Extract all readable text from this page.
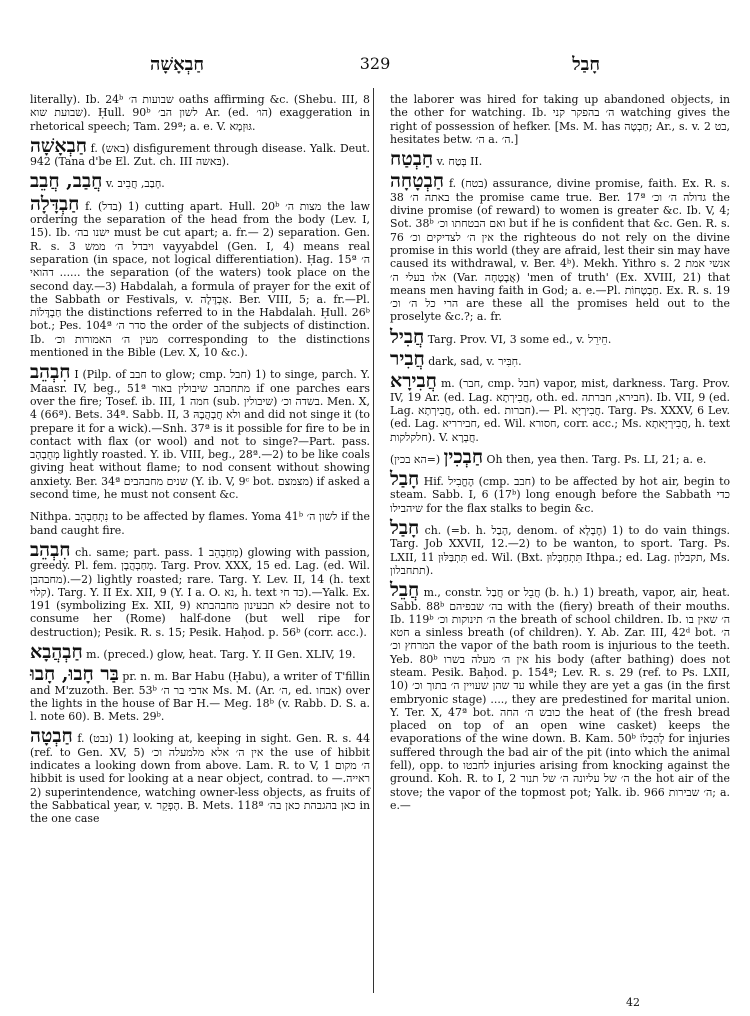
חַבְאָשָׁה	329	חָבַל

literally). Ib. 24ᵇ שבועות ה׳ oaths affirming &c. (Shebu. III, 8 שבועת שוא). Ḥull. 90ᵇ לשון הב׳ Ar. (ed. הו׳) exaggeration in rhetorical speech; Tam. 29ª; a. e. V. גּוּזְמָא.

חַבְאָשָׁה f. (באש) disfigurement through disease. Yalk. Deut. 942 (Tana d'be El. Zut. ch. III בּאשה).

חֲבַב, חֲבֵב v. חָבַב, חֲבִיב.

חַבְדָּלָה f. (בדל) 1) cutting apart. Hull. 20ᵇ מצות ה׳ the law ordering the separation of the head from the body (Lev. I, 15). Ib. ישנו בה׳ must be cut apart; a. fr.— 2) separation. Gen. R. s. 3 ויבדל ה׳ ממש vayyabdel (Gen. I, 4) means real separation (in space, not logical differentiation). Ḥag. 15ª ה׳ ...... דהואי the separation (of the waters) took place on the second day.—3) Habdalah, a formula of prayer for the exit of the Sabbath or Festivals, v. אַבְדָּלָה. Ber. VIII, 5; a. fr.—Pl. חַבְדָּלוֹת the distinctions referred to in the Habdalah. Ḥull. 26ᵇ bot.; Pes. 104ª סדר ה׳ the order of the subjects of distinction. Ib. מעין ה׳ האמורות וכ׳ corresponding to the distinctions mentioned in the Bible (Lev. X, 10 &c.).

חִבְהֵב I (Pilp. of חבב to glow; cmp. חבל) 1) to singe, parch. Y. Maasr. IV, beg., 51ª מתחבהב שיבולין באור if one parches ears over the fire; Tosef. ib. III, 1 חמה (sub. שיבולין) בשדה וכ׳. Men. X, 4 (66ª). Bets. 34ª. Sabb. II, 3 ולא חֲבְהֲבָהּ and did not singe it (to prepare it for a wick).—Snh. 37ª is it possible for fire to be in contact with flax (or wool) and not to singe?—Part. pass. מְחֻבְהָב lightly roasted. Y. ib. VIII, beg., 28ª.—2) to be like coals giving heat without flame; to nod consent without showing anxiety. Ber. 34ª שנים מחבהבים (Y. ib. V, 9ᶜ bot. מצמצם) if asked a second time, he must not consent &c.

Nithpa. נִתְחַבְהֵב to be affected by flames. Yoma 41ᵇ לשון ה׳ if the band caught fire.

חִבְהֵב ch. same; part. pass. מְחַבְהֵב 1) glowing with passion, greedy. Pl. fem. מְחַבְהֲבָן. Targ. Prov. XXX, 15 ed. Lag. (ed. Wil. מחבהבן).—2) lightly roasted; rare. Targ. Y. Lev. II, 14 (h. text קלוי). Targ. Y. II Ex. XII, 9 (Y. I a. O. נא, h. text כד חי).—Yalk. Ex. 191 (symbolizing Ex. XII, 9) לא תבעינון מחבהבתא desire not to consume her (Rome) half-done (but well ripe for destruction); Pesik. R. s. 15; Pesik. Haḥod. p. 56ᵇ (corr. acc.).

חַבְהֲבָא m. (preced.) glow, heat. Targ. Y. II Gen. XLIV, 19.

בַּר חָבוּ, חָבוּ pr. n. m. Bar Habu (Ḥabu), a writer of T'fillin and M'zuzoth. Ber. 53ᵇ אדבי בר ה׳ Ms. M. (Ar. ה׳, ed. אבחו) over the lights in the house of Bar H.— Meg. 18ᵇ (v. Rabb. D. S. a. l. note 60). B. Mets. 29ᵇ.

חַבְטָה f. (נבט) 1) looking at, keeping in sight. Gen. R. s. 44 (ref. to Gen. XV, 5) אין ה׳ אלא מלמעלה וכ׳ the use of hibbit indicates a looking down from above. Lam. R. to V, 1 ה׳ מקום hibbit is used for looking at a near object, contrad. to ראייה.—2) superintendence, watching owner-less objects, as fruits of the Sabbatical year, v. הֶפְקֵר. B. Mets. 118ª כאן בהגבהת כאן בה׳ in the one case

the laborer was hired for taking up abandoned objects, in the other for watching. Ib. ה׳ בהפקר קני watching gives the right of possession of hefker. [Ms. M. has חַבְטָה; Ar., s. v. בט 2, hesitates betw. ה׳ a. ה׳.]

חַבְטַח v. בְּטַח II.

חַבְטָחָה f. (בטח) assurance, divine promise, faith. Ex. R. s. 38 באתה ה׳ the promise came true. Ber. 17ª גדולה ה׳ וכ׳ the divine promise (of reward) to women is greater &c. Ib. V, 4; Sot. 38ᵇ ואם הבטחתו וכ׳ but if he is confident that &c. Gen. R. s. 76 אין ה׳ לצדיקים וכ׳ the righteous do not rely on the divine promise in this world (they are afraid, lest their sin may have caused its withdrawal, v. Ber. 4ᵇ). Mekh. Yithro s. 2 אנשי אמת אלו בעלי ה׳ (Var. אֲבָטָחָה) 'men of truth' (Ex. XVIII, 21) that means men having faith in God; a. e.—Pl. חַבְטָחוֹת. Ex. R. s. 19 הרי כל ה׳ וכ׳ are these all the promises held out to the proselyte &c.?; a. fr.

חֲבִיל Targ. Prov. VI, 3 some ed., v. חֵירֵל.

חֲבִיר dark, sad, v. חִבִּיר.

חֲבִירָא m. (חבר, cmp. חבל) vapor, mist, darkness. Targ. Prov. IV, 19 Ar. (ed. Lag. חֲבִירְתָא, oth. ed. חבירא, חברתה). Ib. VII, 9 (ed. Lag. חֲבִירְתָא, oth. ed. חברות).— Pl. חֲבִירְיָא. Targ. Ps. XXXV, 6 Lev. (ed. Lag. חבירריא, ed. Wil. חסורא, corr. acc.; Ms. חֲבִירְיָאתָא, h. text חלקלקות). V. חֲבְרָא.

חַבְכִין (=הא בכין) Oh then, yea then. Targ. Ps. LI, 21; a. e.

חָבַל Hif. הֶחֱבִיל (cmp. חבב) to be affected by hot air, begin to steam. Sabb. I, 6 (17ᵇ) long enough before the Sabbath כדי שיהבילו for the flax stalks to begin &c.

חָבַל ch. (=b. h. הָבַל, denom. of חֶבְלָא) 1) to do vain things. Targ. Job XXVII, 12.—2) to be wanton, to sport. Targ. Ps. LXII, 11 תִּתְבַּלּוּן ed. Wil. (Bxt. תִּתְחַבְּלוּן Ithpa.; ed. Lag. תקבלון, Ms. תתחבלון).

חֲבֵל m., constr. חֲבַל or חֲבֵל (b. h.) 1) breath, vapor, air, heat. Sabb. 88ᵇ בה׳ שבפיהם with the (fiery) breath of their mouths. Ib. 119ᵇ ה׳ תינוקות וכ׳ the breath of school children. Ib. ה׳ שאין בו חטא a sinless breath (of children). Y. Ab. Zar. III, 42ᵈ bot. ה׳ המרחץ וכ׳ the vapor of the bath room is injurious to the teeth. Yeb. 80ᵇ אין ה׳ מעלה בשרו his body (after bathing) does not steam. Pesik. Baḥod. p. 154ª; Lev. R. s. 29 (ref. to Ps. LXII, 10) עד שהן שעויין ה׳ בתוך וכ׳ while they are yet a gas (in the first embryonic stage) ...., they are predestined for marital union. Y. Ter. X, 47ª bot. כובש ה׳ החה the heat of (the fresh bread placed on top of an open wine casket) keeps the evaporations of the wine down. B. Kam. 50ᵇ לְהַבְלוֹ for injuries suffered through the bad air of the pit (into which the animal fell), opp. to לחבטו injuries arising from knocking against the ground. Koh. R. to I, 2 ה׳ של עליונה ה׳ של תנור the hot air of the stove; the vapor of the topmost pot; Yalk. ib. 966 ה׳ שבירות; a. e.—

42
